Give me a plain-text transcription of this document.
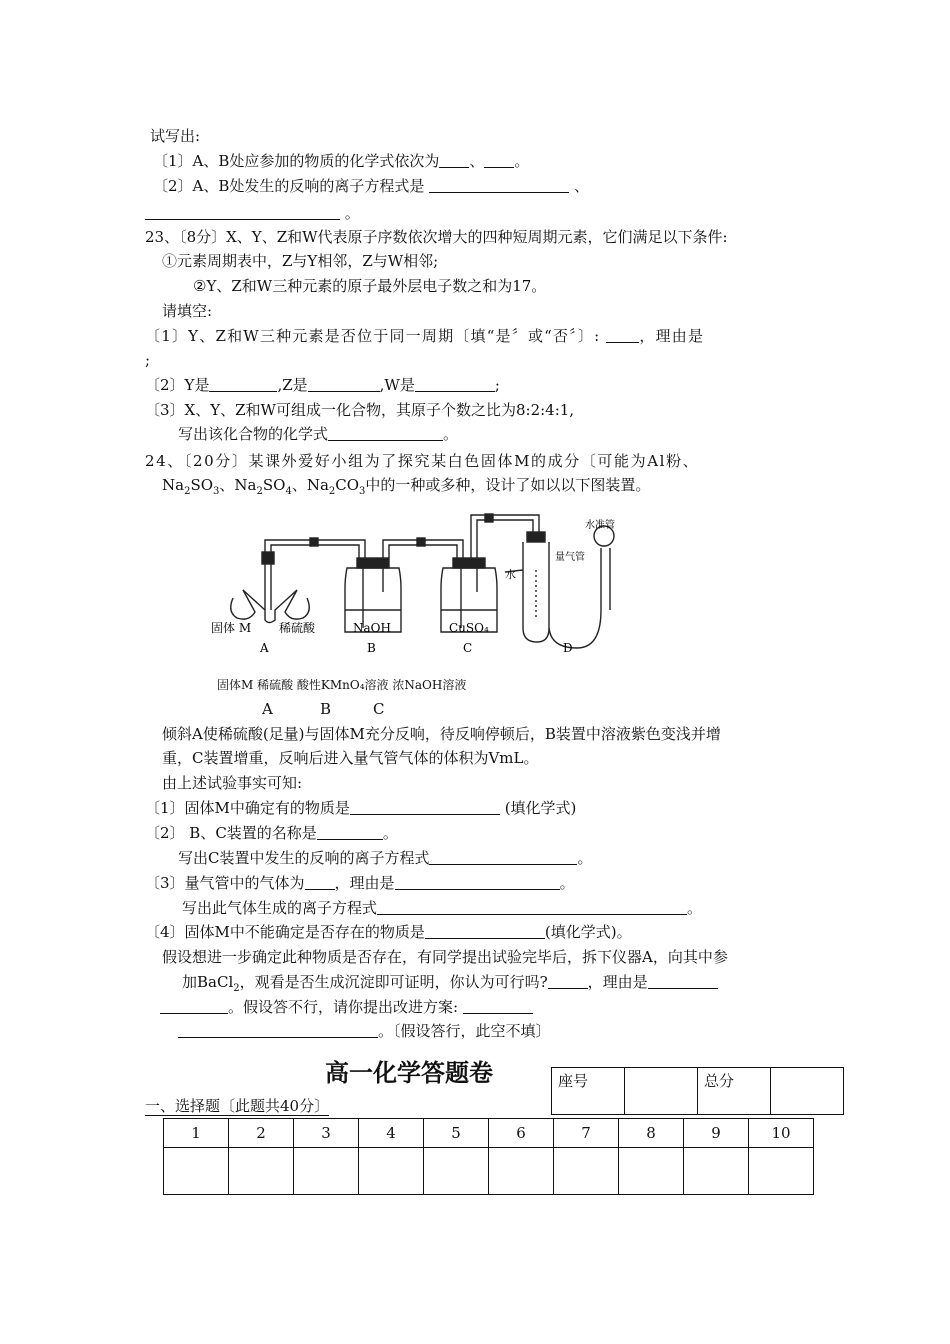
试写出:
〔1〕A、B处应参加的物质的化学式依次为 、 。
〔2〕A、B处发生的反响的离子方程式是	、
。
23、〔8分〕X、Y、Z和W代表原子序数依次增大的四种短周期元素，它们满足以下条件:
①元素周期表中，Z与Y相邻，Z与W相邻;
②Y、Z和W三种元素的原子最外层电子数之和为17。
请填空:
〔1〕Y、Z和W三种元素是否位于同一周期〔填“是〞或“否〞〕:	，理由是
;
〔2〕Y是	,Z是	,W是	;
〔3〕X、Y、Z和W可组成一化合物，其原子个数之比为8:2:4:1,
写出该化合物的化学式	。
24、〔20分〕某课外爱好小组为了探究某白色固体M的成分〔可能为Al粉、
$Na_2SO_3$、$Na_2SO_4$、$Na_2CO_3$中的一种或多种，设计了如以以下图装置。
固体 M 稀硫酸	NaOH	CuSO₄
水
量气管
水准管
A	B	C	D
固体M 稀硫酸 酸性KMnO₄溶液 浓NaOH溶液
A	B	C
倾斜A使稀硫酸(足量)与固体M充分反响，待反响停顿后，B装置中溶液紫色变浅并增
重，C装置增重，反响后进入量气管气体的体积为VmL。
由上述试验事实可知:
〔1〕固体M中确定有的物质是	(填化学式)
〔2〕 B、C装置的名称是	。
写出C装置中发生的反响的离子方程式	。
〔3〕量气管中的气体为 ，理由是	。
写出此气体生成的离子方程式	。
〔4〕固体M中不能确定是否存在的物质是	(填化学式)。
假设想进一步确定此种物质是否存在，有同学提出试验完毕后，拆下仪器A，向其中参
加BaCl$_2$，观看是否生成沉淀即可证明，你认为可行吗?	，理由是
。假设答不行，请你提出改进方案:
。〔假设答行，此空不填〕
高一化学答题卷	座号		总分	
一、选择题〔此题共40分〕
1	2	3	4	5	6	7	8	9	10
